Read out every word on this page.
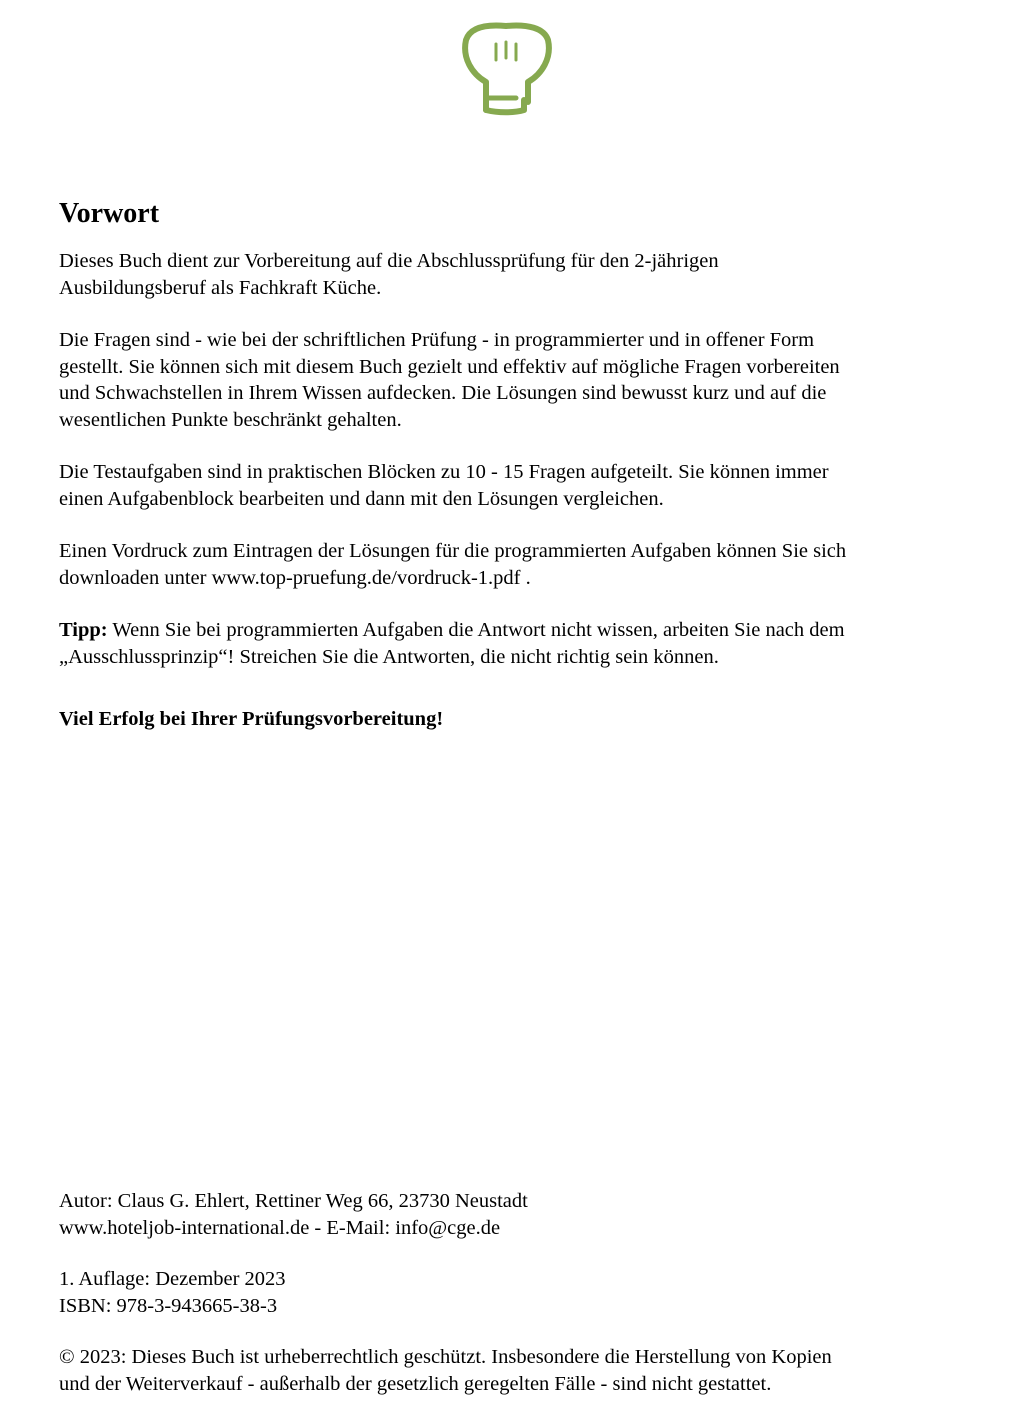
Vorwort

Dieses Buch dient zur Vorbereitung auf die Abschlussprüfung für den 2-jährigen
Ausbildungsberuf als Fachkraft Küche.

Die Fragen sind - wie bei der schriftlichen Prüfung - in programmierter und in offener Form
gestellt. Sie können sich mit diesem Buch gezielt und effektiv auf mögliche Fragen vorbereiten
und Schwachstellen in Ihrem Wissen aufdecken. Die Lösungen sind bewusst kurz und auf die
wesentlichen Punkte beschränkt gehalten.

Die Testaufgaben sind in praktischen Blöcken zu 10 - 15 Fragen aufgeteilt. Sie können immer
einen Aufgabenblock bearbeiten und dann mit den Lösungen vergleichen.

Einen Vordruck zum Eintragen der Lösungen für die programmierten Aufgaben können Sie sich
downloaden unter www.top-pruefung.de/vordruck-1.pdf .

Tipp: Wenn Sie bei programmierten Aufgaben die Antwort nicht wissen, arbeiten Sie nach dem
„Ausschlussprinzip“! Streichen Sie die Antworten, die nicht richtig sein können.

Viel Erfolg bei Ihrer Prüfungsvorbereitung!

Autor: Claus G. Ehlert, Rettiner Weg 66, 23730 Neustadt
www.hoteljob-international.de - E-Mail: info@cge.de

1. Auflage: Dezember 2023
ISBN: 978-3-943665-38-3

© 2023: Dieses Buch ist urheberrechtlich geschützt. Insbesondere die Herstellung von Kopien
und der Weiterverkauf - außerhalb der gesetzlich geregelten Fälle - sind nicht gestattet.
